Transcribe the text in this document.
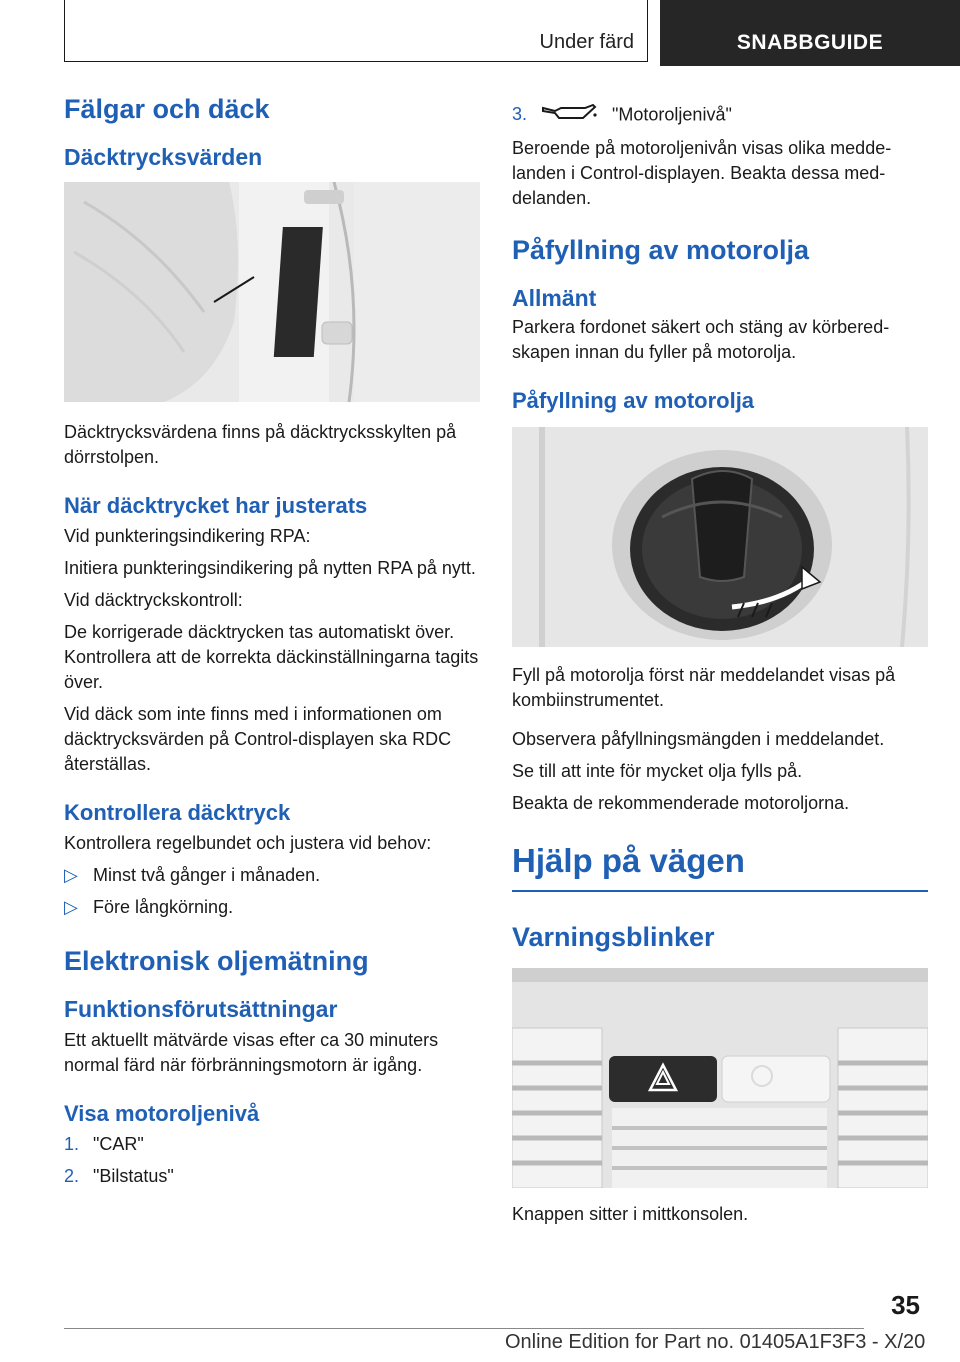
Under färd	SNABBGUIDE
Fälgar och däck
Däcktrycksvärden

Däcktrycksvärdena finns på däcktrycksskylten på dörrstolpen.

När däcktrycket har justerats

Vid punkteringsindikering RPA:

Initiera punkteringsindikering på nytten RPA på nytt.

Vid däcktryckskontroll:

De korrigerade däcktrycken tas automatiskt över. Kontrollera att de korrekta däckinställningarna tagits över.

Vid däck som inte finns med i informationen om däcktrycksvärden på Control-displayen ska RDC återställas.

Kontrollera däcktryck

Kontrollera regelbundet och justera vid behov:

▷ Minst två gånger i månaden.
▷ Före långkörning.
Elektronisk oljemätning
Funktionsförutsättningar

Ett aktuellt mätvärde visas efter ca 30 minuters normal färd när förbränningsmotorn är igång.

Visa motoroljenivå
1. "CAR"
2. "Bilstatus"
3.	"Motoroljenivå"

Beroende på motoroljenivån visas olika meddelanden i Control-displayen. Beakta dessa meddelanden.

Påfyllning av motorolja
Allmänt

Parkera fordonet säkert och stäng av körberedskapen innan du fyller på motorolja.

Påfyllning av motorolja

Fyll på motorolja först när meddelandet visas på kombiinstrumentet.

Observera påfyllningsmängden i meddelandet.

Se till att inte för mycket olja fylls på.

Beakta de rekommenderade motoroljorna.

Hjälp på vägen
Varningsblinker

Knappen sitter i mittkonsolen.

35
Online Edition for Part no. 01405A1F3F3 - X/20
